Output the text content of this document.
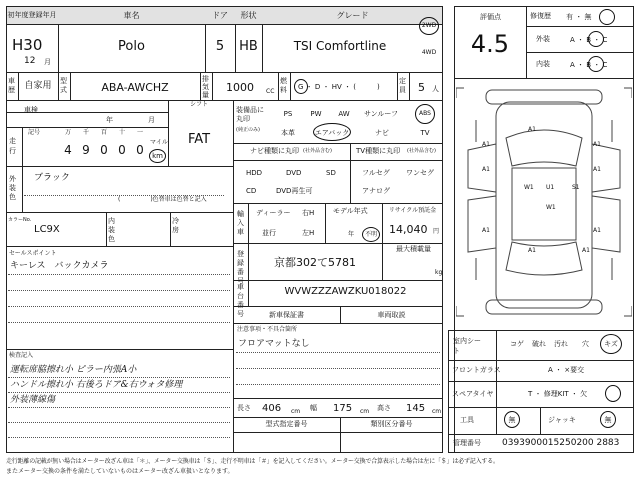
初年度登録年月	車名	ドア	形状	グレード
H30
12 月
Polo	5	HB	TSI Comfortline
2WD
4WD
車歴	自家用	型式	ABA-AWCHZ
排気量
1000	CC
燃料 G ・ D ・ HV ・ (　　　)
定員 5 人
車検
年	月
シフト
FAT
走行
記号	万	千	百	十	一
4 9 0 0 0
マイル
km
外装色
ブラック
(　　　　　)色替車は色替と記入
カラーNo.
LC9X
内装色
冷房
セールスポイント
キーレス　バックカメラ
検査記入
運転席脇擦れ小 ピラー内張A小
ハンドル擦れ小 右後ろドア&右ウォタ修理
外装薄線傷
装備品に丸印
(純正のみ)
PS	PW	AW	サンルーフ	ABS
本革	エアバック	ナビ	TV
ナビ種類に丸印 (社外品含む)
HDD	DVD	SD
CD	DVD再生可
TV種類に丸印 (社外品含む)
フルセグ ワンセグ
アナログ
輸入車
ディーラー
並行
右H
左H
モデル年式
年	不明
リサイクル預託金
14,040 円
最大積載量
kg
登録番号
京都302て5781
車台番号
WVWZZZAWZKU018022
新車保証書	車両取説
注意事項・不具合箇所
フロアマットなし
長さ 406 cm 幅 175 cm 高さ 145 cm
型式指定番号	類別区分番号
評価点
4.5
修復歴 有 ・ 無
外装	A ・ B ・ C
内装	A ・ B ・ C
A1
A1	A1
A1	A1
W1 U1	S1
W1
A1	A1
A1	A1
室内シート
コゲ 破れ 汚れ 穴	キズ
フロントガラス	A ・ ×要交
スペアタイヤ	T ・ 修理KIT ・ 欠
工具	無	ジャッキ	無
管理番号 0393900015250200 2883
走行距離の記載が無い場合はメーター改ざん車は「＊」、メーター交換車は「＄」、走行不明車は「＃」を記入してください。メーター交換で合算表示した場合は左に「＄」は必ず記入する。
またメーター交換の条件を満たしていないものはメーター改ざん車扱いとなります。
